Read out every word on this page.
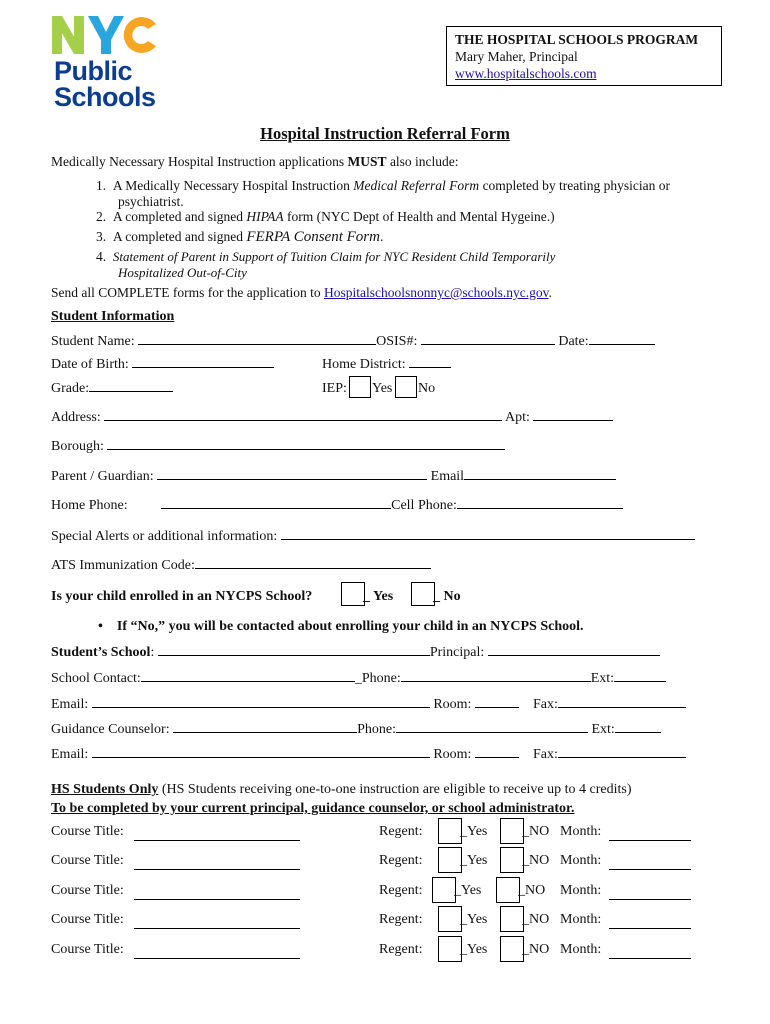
Public
Schools
THE HOSPITAL SCHOOLS PROGRAM
Mary Maher, Principal
www.hospitalschools.com
Hospital Instruction Referral Form
Medically Necessary Hospital Instruction applications MUST also include:
1. A Medically Necessary Hospital Instruction Medical Referral Form completed by treating physician or
psychiatrist.
2. A completed and signed HIPAA form (NYC Dept of Health and Mental Hygeine.)
3. A completed and signed FERPA Consent Form.
4. Statement of Parent in Support of Tuition Claim for NYC Resident Child Temporarily
Hospitalized Out-of-City
Send all COMPLETE forms for the application to Hospitalschoolsnonnyc@schools.nyc.gov.
Student Information
Student Name:	OSIS#:	Date:
Date of Birth:	Home District:
Grade:	IEP: Yes No
Address:	Apt:
Borough:
Parent / Guardian:	Email
Home Phone:	Cell Phone:
Special Alerts or additional information:
ATS Immunization Code:
Is your child enrolled in an NYCPS School?	_ Yes	_ No
• If “No,” you will be contacted about enrolling your child in an NYCPS School.
Student’s School:	Principal:
School Contact:	_Phone:	Ext:
Email:	Room:	Fax:
Guidance Counselor:	Phone:	Ext:
Email:	Room:	Fax:
HS Students Only (HS Students receiving one-to-one instruction are eligible to receive up to 4 credits)
To be completed by your current principal, guidance counselor, or school administrator.
Course Title:	Regent:	_Yes _NO Month:
Course Title:	Regent:	_Yes _NO Month:
Course Title:	Regent: _Yes	_NO Month:
Course Title:	Regent:	_Yes _NO Month:
Course Title:	Regent:	_Yes _NO Month:
